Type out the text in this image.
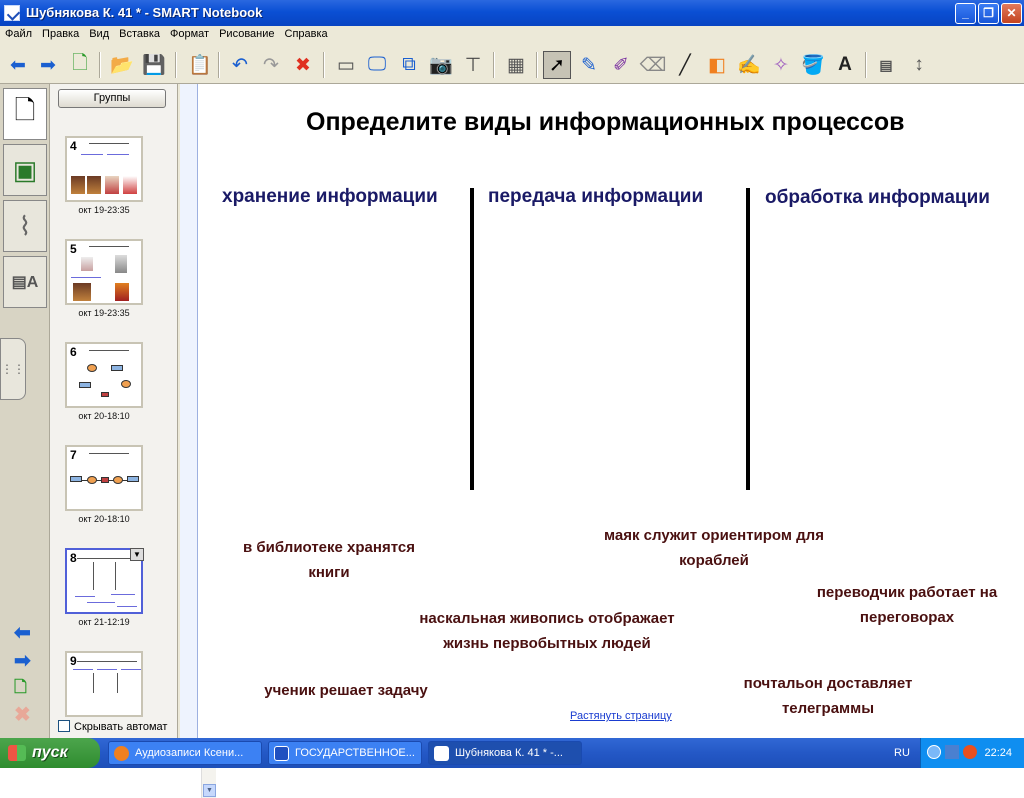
Шубнякова К. 41 * - SMART Notebook	_	❐	✕
Файл Правка Вид Вставка Формат Рисование Справка
⬅ ➡ 🗋	📂 💾 📋	↶ ↷ ✖	▭ 🖵 ⧉ 📷 ⊤	▦	➚ ✎ ✐ ⌫ ╱ ◧ ✍ ✧ 🪣 A	▤	↕
🗋
▣
⌇
▤A
⋮⋮
⬅
➡
🗋
✖
Группы
4
окт 19-23:35
5
окт 19-23:35
6
окт 20-18:10
7
окт 20-18:10
8	▼
окт 21-12:19
9
▼
Скрывать автомат
Определите виды информационных процессов
хранение информации	передача информации	обработка информации
в библиотеке хранятся
книги
маяк служит ориентиром для
кораблей
переводчик работает на
переговорах
наскальная живопись отображает
жизнь первобытных людей
ученик решает задачу	почтальон доставляет
телеграммы
Растянуть страницу
пуск	Аудиозаписи Ксени...	ГОСУДАРСТВЕННОЕ...	Шубнякова К. 41 * -...	RU	22:24
